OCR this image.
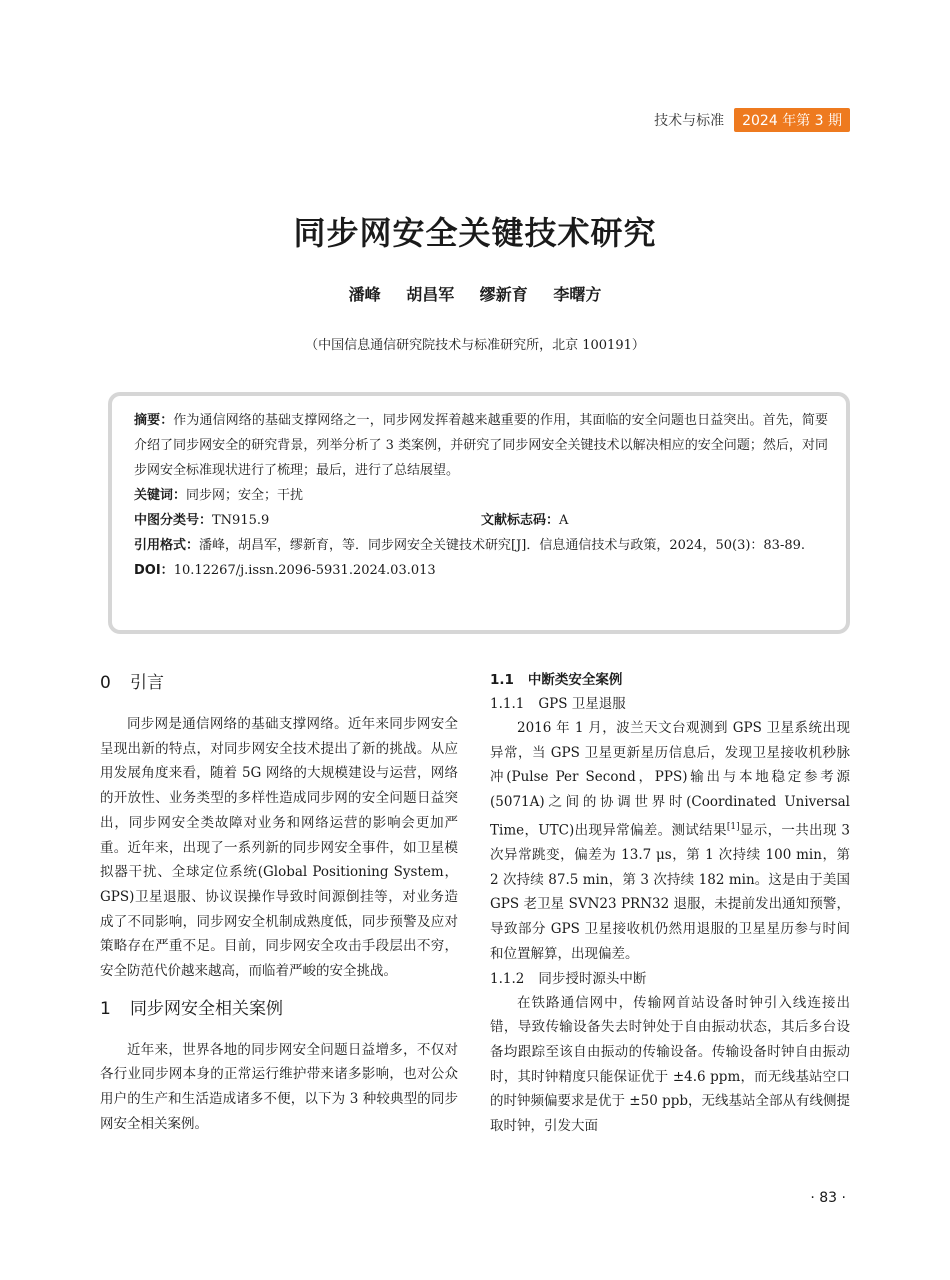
技术与标准	2024 年第 3 期
同步网安全关键技术研究
潘峰 胡昌军 缪新育 李曙方
（中国信息通信研究院技术与标准研究所，北京 100191）
摘要：作为通信网络的基础支撑网络之一，同步网发挥着越来越重要的作用，其面临的安全问题也日益突出。首先，简要介绍了同步网安全的研究背景，列举分析了 3 类案例，并研究了同步网安全关键技术以解决相应的安全问题；然后，对同步网安全标准现状进行了梳理；最后，进行了总结展望。
关键词：同步网；安全；干扰
中图分类号：TN915.9	文献标志码：A
引用格式：潘峰，胡昌军，缪新育，等．同步网安全关键技术研究[J]．信息通信技术与政策，2024，50(3)：83-89.
DOI：10.12267/j.issn.2096-5931.2024.03.013
0 引言

同步网是通信网络的基础支撑网络。近年来同步网安全呈现出新的特点，对同步网安全技术提出了新的挑战。从应用发展角度来看，随着 5G 网络的大规模建设与运营，网络的开放性、业务类型的多样性造成同步网的安全问题日益突出，同步网安全类故障对业务和网络运营的影响会更加严重。近年来，出现了一系列新的同步网安全事件，如卫星模拟器干扰、全球定位系统(Global Positioning System，GPS)卫星退服、协议误操作导致时间源倒挂等，对业务造成了不同影响，同步网安全机制成熟度低，同步预警及应对策略存在严重不足。目前，同步网安全攻击手段层出不穷，安全防范代价越来越高，而临着严峻的安全挑战。

1 同步网安全相关案例

近年来，世界各地的同步网安全问题日益增多，不仅对各行业同步网本身的正常运行维护带来诸多影响，也对公众用户的生产和生活造成诸多不便，以下为 3 种较典型的同步网安全相关案例。

1.1 中断类安全案例
1.1.1 GPS 卫星退服

2016 年 1 月，波兰天文台观测到 GPS 卫星系统出现异常，当 GPS 卫星更新星历信息后，发现卫星接收机秒脉冲(Pulse Per Second，PPS)输出与本地稳定参考源(5071A)之间的协调世界时(Coordinated Universal Time，UTC)出现异常偏差。测试结果[1]显示，一共出现 3 次异常跳变，偏差为 13.7 μs，第 1 次持续 100 min，第 2 次持续 87.5 min，第 3 次持续 182 min。这是由于美国 GPS 老卫星 SVN23 PRN32 退服，未提前发出通知预警，导致部分 GPS 卫星接收机仍然用退服的卫星星历参与时间和位置解算，出现偏差。

1.1.2 同步授时源头中断

在铁路通信网中，传输网首站设备时钟引入线连接出错，导致传输设备失去时钟处于自由振动状态，其后多台设备均跟踪至该自由振动的传输设备。传输设备时钟自由振动时，其时钟精度只能保证优于 ±4.6 ppm，而无线基站空口的时钟频偏要求是优于 ±50 ppb，无线基站全部从有线侧提取时钟，引发大面

· 83 ·
